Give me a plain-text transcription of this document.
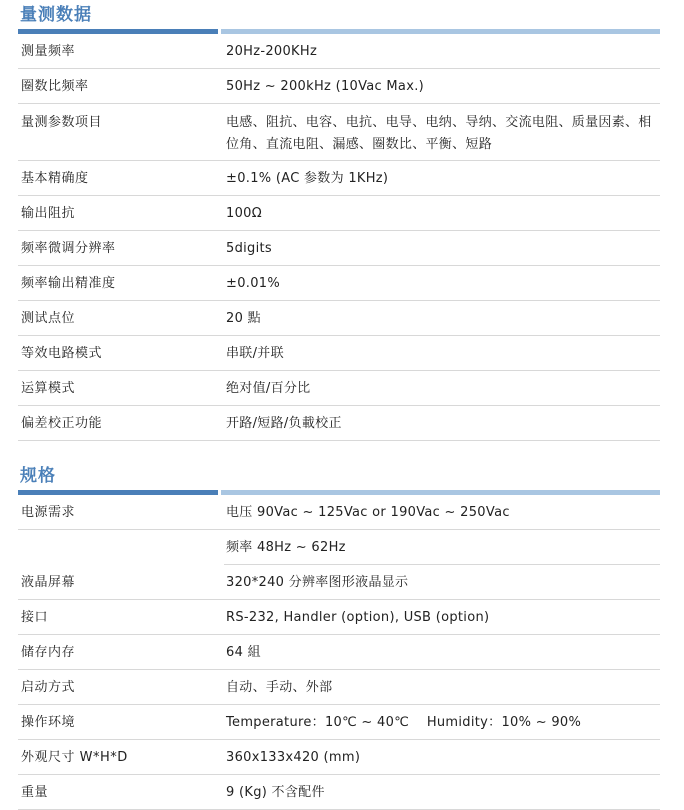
量测数据
测量频率	20Hz-200KHz

圈数比频率	50Hz ~ 200kHz (10Vac Max.)

量测参数项目	电感、阻抗、电容、电抗、电导、电纳、导纳、交流电阻、质量因素、相位角、直流电阻、漏感、圈数比、平衡、短路

基本精确度	±0.1% (AC 参数为 1KHz)

输出阻抗	100Ω

频率微调分辨率	5digits

频率输出精准度	±0.01%

测试点位	20 點

等效电路模式	串联/并联

运算模式	绝对值/百分比

偏差校正功能	开路/短路/负載校正
规格
电源需求	电压 90Vac ~ 125Vac or 190Vac ~ 250Vac

	频率 48Hz ~ 62Hz

液晶屏幕	320*240 分辨率图形液晶显示

接口	RS-232, Handler (option), USB (option)

储存内存	64 組

启动方式	自动、手动、外部

操作环境	Temperature：10℃ ~ 40℃    Humidity：10% ~ 90%

外观尺寸 W*H*D	360x133x420 (mm)

重量	9 (Kg) 不含配件
